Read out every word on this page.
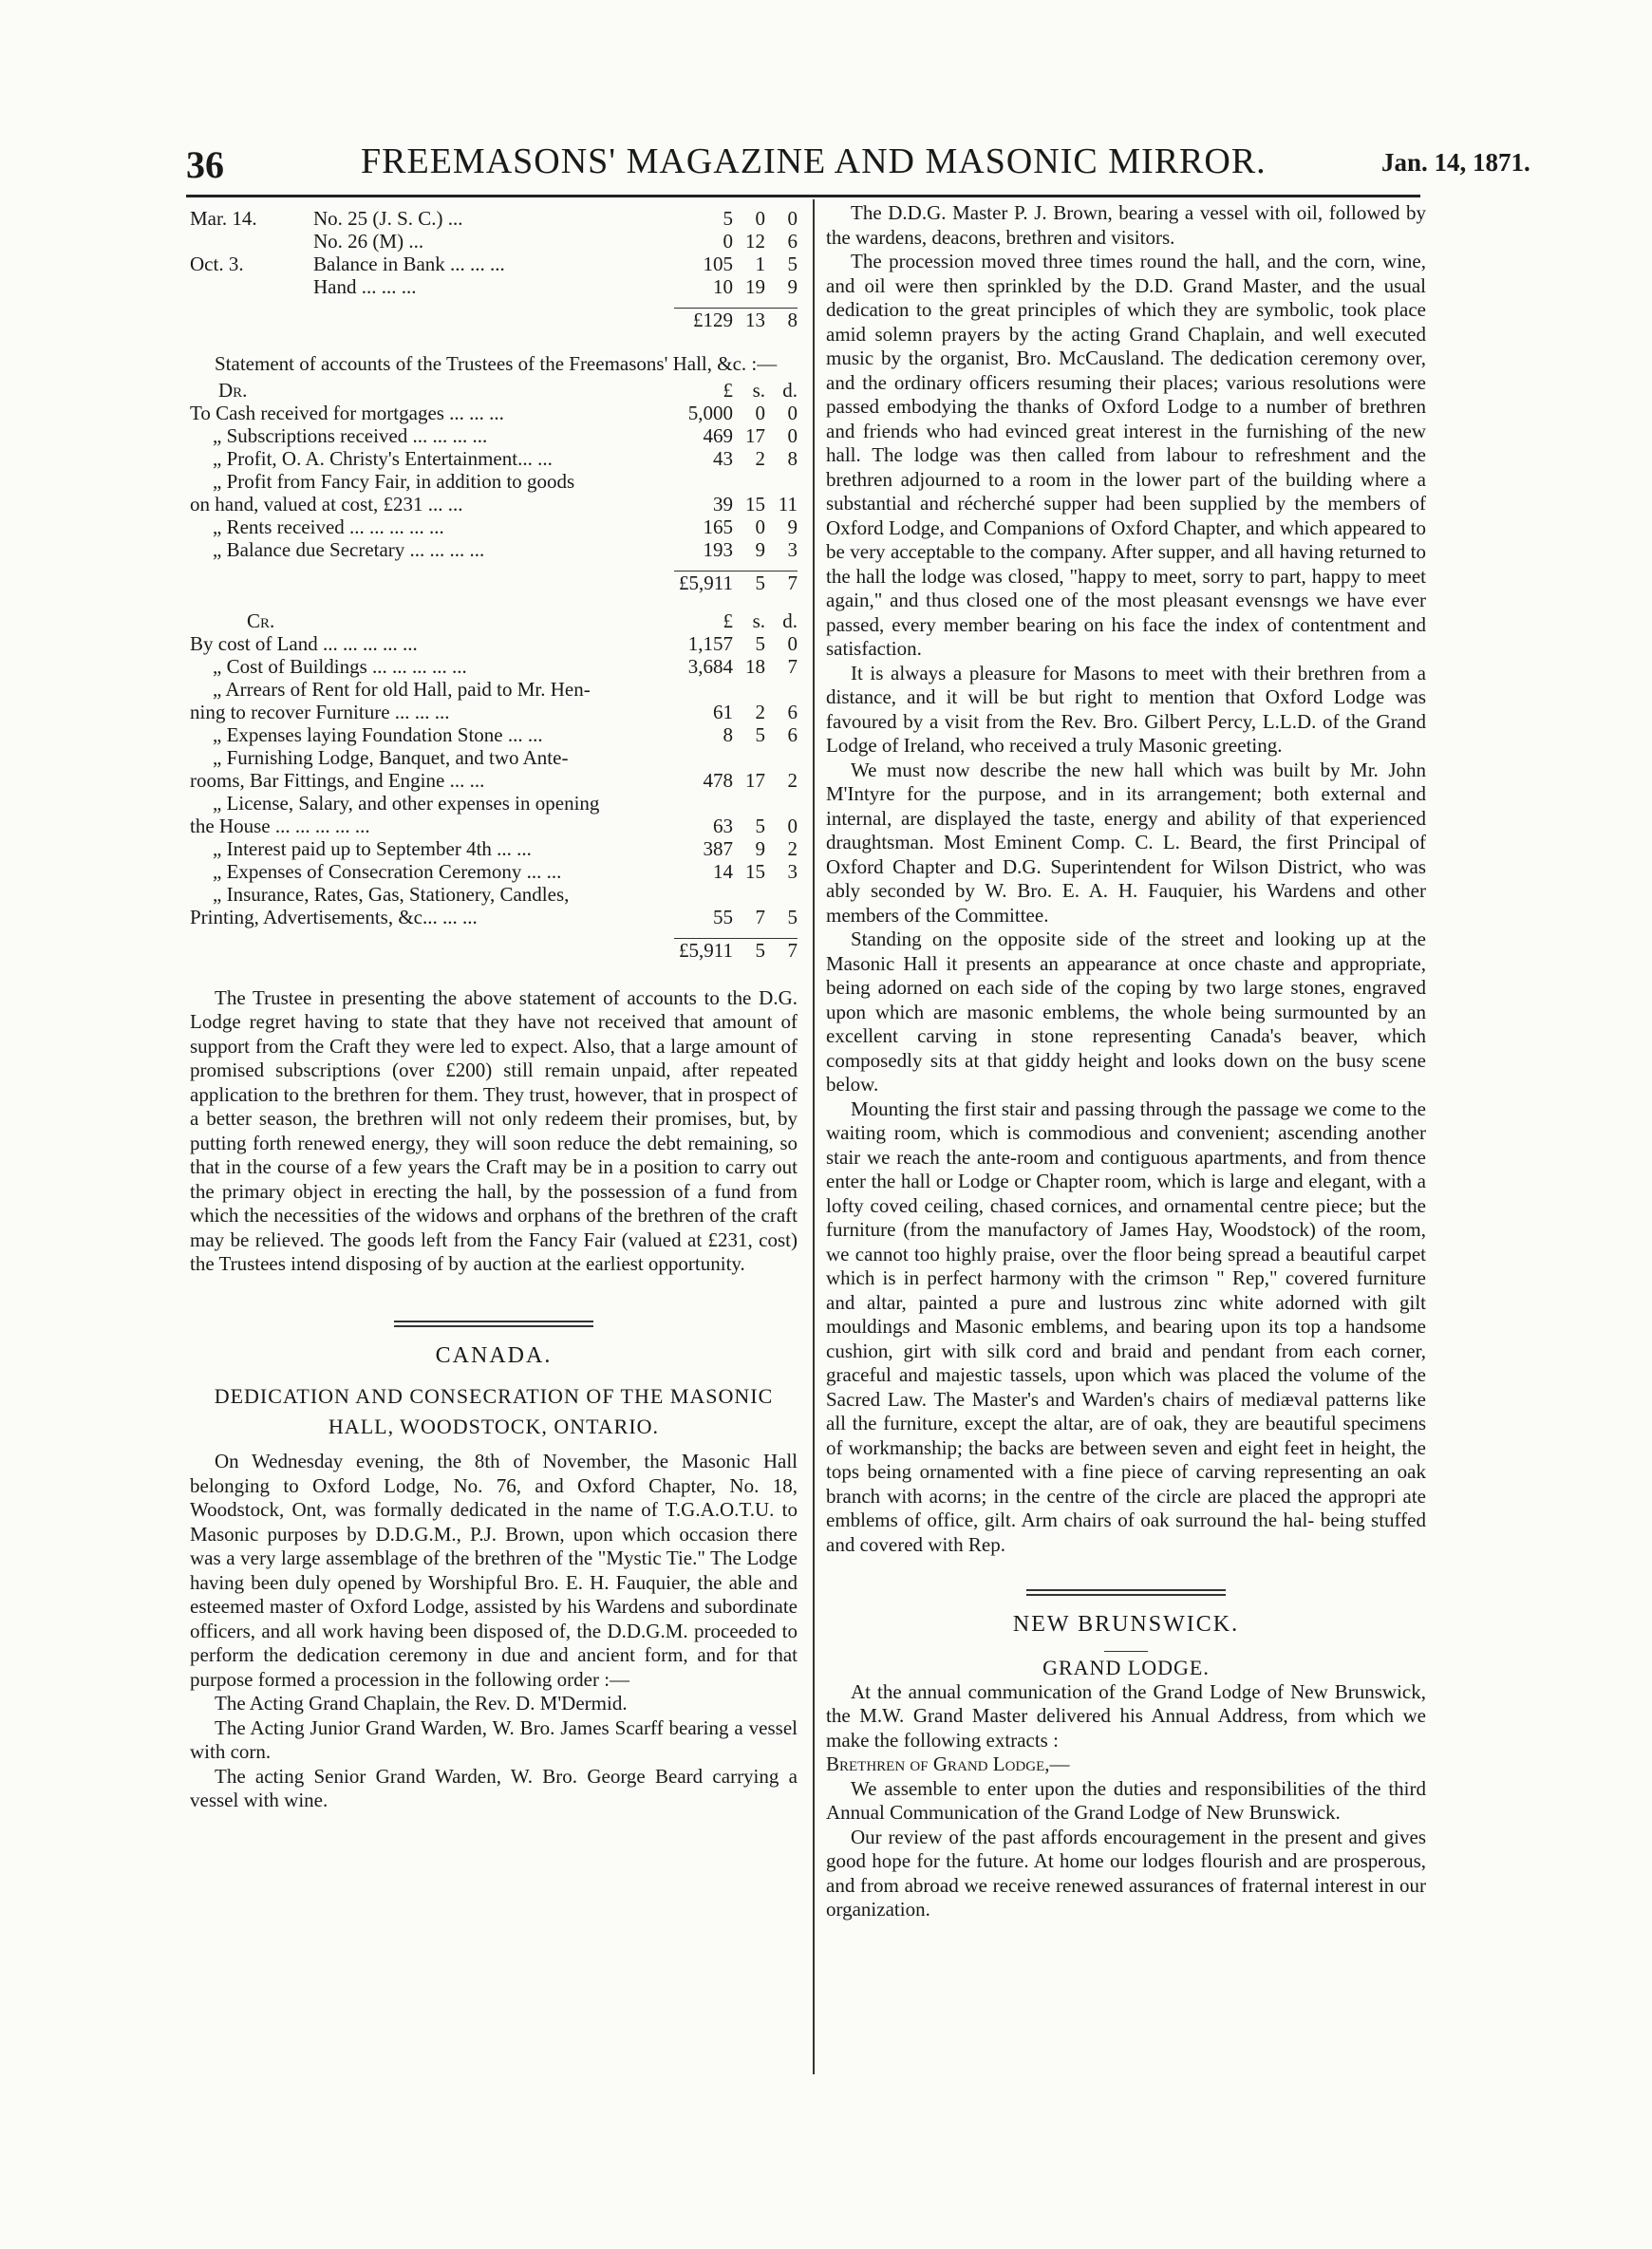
36	FREEMASONS' MAGAZINE AND MASONIC MIRROR.	Jan. 14, 1871.
Mar. 14.	No. 25 (J. S. C.) ...	5	0	0
	No. 26 (M) ...	0	12	6
Oct. 3.	Balance in Bank ... ... ...	105	1	5
	Hand ... ... ...	10	19	9

£129	13	8

Statement of accounts of the Trustees of the Freemasons' Hall, &c. :—

Dr.	£	s.	d.
To Cash received for mortgages ... ... ...	5,000	0	0
„ Subscriptions received ... ... ... ...	469	17	0
„ Profit, O. A. Christy's Entertainment... ...	43	2	8
„ Profit from Fancy Fair, in addition to goods			
on hand, valued at cost, £231 ... ...	39	15	11
„ Rents received ... ... ... ... ...	165	0	9
„ Balance due Secretary ... ... ... ...	193	9	3

£5,911	5	7
Cr.	£	s.	d.
By cost of Land ... ... ... ... ...	1,157	5	0
„ Cost of Buildings ... ... ... ... ...	3,684	18	7
„ Arrears of Rent for old Hall, paid to Mr. Hen-			
ning to recover Furniture ... ... ...	61	2	6
„ Expenses laying Foundation Stone ... ...	8	5	6
„ Furnishing Lodge, Banquet, and two Ante-			
rooms, Bar Fittings, and Engine ... ...	478	17	2
„ License, Salary, and other expenses in opening			
the House ... ... ... ... ...	63	5	0
„ Interest paid up to September 4th ... ...	387	9	2
„ Expenses of Consecration Ceremony ... ...	14	15	3
„ Insurance, Rates, Gas, Stationery, Candles,			
Printing, Advertisements, &c... ... ...	55	7	5

£5,911	5	7

The Trustee in presenting the above statement of accounts to the D.G. Lodge regret having to state that they have not received that amount of support from the Craft they were led to expect. Also, that a large amount of promised subscriptions (over £200) still remain unpaid, after repeated application to the brethren for them. They trust, however, that in prospect of a better season, the brethren will not only redeem their promises, but, by putting forth renewed energy, they will soon reduce the debt remaining, so that in the course of a few years the Craft may be in a position to carry out the primary object in erecting the hall, by the possession of a fund from which the necessities of the widows and orphans of the brethren of the craft may be relieved. The goods left from the Fancy Fair (valued at £231, cost) the Trustees intend disposing of by auction at the earliest opportunity.

CANADA.
DEDICATION AND CONSECRATION OF THE MASONIC HALL, WOODSTOCK, ONTARIO.

On Wednesday evening, the 8th of November, the Masonic Hall belonging to Oxford Lodge, No. 76, and Oxford Chapter, No. 18, Woodstock, Ont, was formally dedicated in the name of T.G.A.O.T.U. to Masonic purposes by D.D.G.M., P.J. Brown, upon which occasion there was a very large assemblage of the brethren of the "Mystic Tie." The Lodge having been duly opened by Worshipful Bro. E. H. Fauquier, the able and esteemed master of Oxford Lodge, assisted by his Wardens and subordinate officers, and all work having been disposed of, the D.D.G.M. proceeded to perform the dedication ceremony in due and ancient form, and for that purpose formed a procession in the following order :—

The Acting Grand Chaplain, the Rev. D. M'Dermid.

The Acting Junior Grand Warden, W. Bro. James Scarff bearing a vessel with corn.

The acting Senior Grand Warden, W. Bro. George Beard carrying a vessel with wine.

The D.D.G. Master P. J. Brown, bearing a vessel with oil, followed by the wardens, deacons, brethren and visitors.

The procession moved three times round the hall, and the corn, wine, and oil were then sprinkled by the D.D. Grand Master, and the usual dedication to the great principles of which they are symbolic, took place amid solemn prayers by the acting Grand Chaplain, and well executed music by the organist, Bro. McCausland. The dedication ceremony over, and the ordinary officers resuming their places; various resolutions were passed embodying the thanks of Oxford Lodge to a number of brethren and friends who had evinced great interest in the furnishing of the new hall. The lodge was then called from labour to refreshment and the brethren adjourned to a room in the lower part of the building where a substantial and récherché supper had been supplied by the members of Oxford Lodge, and Companions of Oxford Chapter, and which appeared to be very acceptable to the company. After supper, and all having returned to the hall the lodge was closed, "happy to meet, sorry to part, happy to meet again," and thus closed one of the most pleasant evensngs we have ever passed, every member bearing on his face the index of contentment and satisfaction.

It is always a pleasure for Masons to meet with their brethren from a distance, and it will be but right to mention that Oxford Lodge was favoured by a visit from the Rev. Bro. Gilbert Percy, L.L.D. of the Grand Lodge of Ireland, who received a truly Masonic greeting.

We must now describe the new hall which was built by Mr. John M'Intyre for the purpose, and in its arrangement; both external and internal, are displayed the taste, energy and ability of that experienced draughtsman. Most Eminent Comp. C. L. Beard, the first Principal of Oxford Chapter and D.G. Superintendent for Wilson District, who was ably seconded by W. Bro. E. A. H. Fauquier, his Wardens and other members of the Committee.

Standing on the opposite side of the street and looking up at the Masonic Hall it presents an appearance at once chaste and appropriate, being adorned on each side of the coping by two large stones, engraved upon which are masonic emblems, the whole being surmounted by an excellent carving in stone representing Canada's beaver, which composedly sits at that giddy height and looks down on the busy scene below.

Mounting the first stair and passing through the passage we come to the waiting room, which is commodious and convenient; ascending another stair we reach the ante-room and contiguous apartments, and from thence enter the hall or Lodge or Chapter room, which is large and elegant, with a lofty coved ceiling, chased cornices, and ornamental centre piece; but the furniture (from the manufactory of James Hay, Woodstock) of the room, we cannot too highly praise, over the floor being spread a beautiful carpet which is in perfect harmony with the crimson " Rep," covered furniture and altar, painted a pure and lustrous zinc white adorned with gilt mouldings and Masonic emblems, and bearing upon its top a handsome cushion, girt with silk cord and braid and pendant from each corner, graceful and majestic tassels, upon which was placed the volume of the Sacred Law. The Master's and Warden's chairs of mediæval patterns like all the furniture, except the altar, are of oak, they are beautiful specimens of workmanship; the backs are between seven and eight feet in height, the tops being ornamented with a fine piece of carving representing an oak branch with acorns; in the centre of the circle are placed the appropri ate emblems of office, gilt. Arm chairs of oak surround the hal- being stuffed and covered with Rep.

NEW BRUNSWICK.
GRAND LODGE.

At the annual communication of the Grand Lodge of New Brunswick, the M.W. Grand Master delivered his Annual Address, from which we make the following extracts :

Brethren of Grand Lodge,—

We assemble to enter upon the duties and responsibilities of the third Annual Communication of the Grand Lodge of New Brunswick.

Our review of the past affords encouragement in the present and gives good hope for the future. At home our lodges flourish and are prosperous, and from abroad we receive renewed assurances of fraternal interest in our organization.
